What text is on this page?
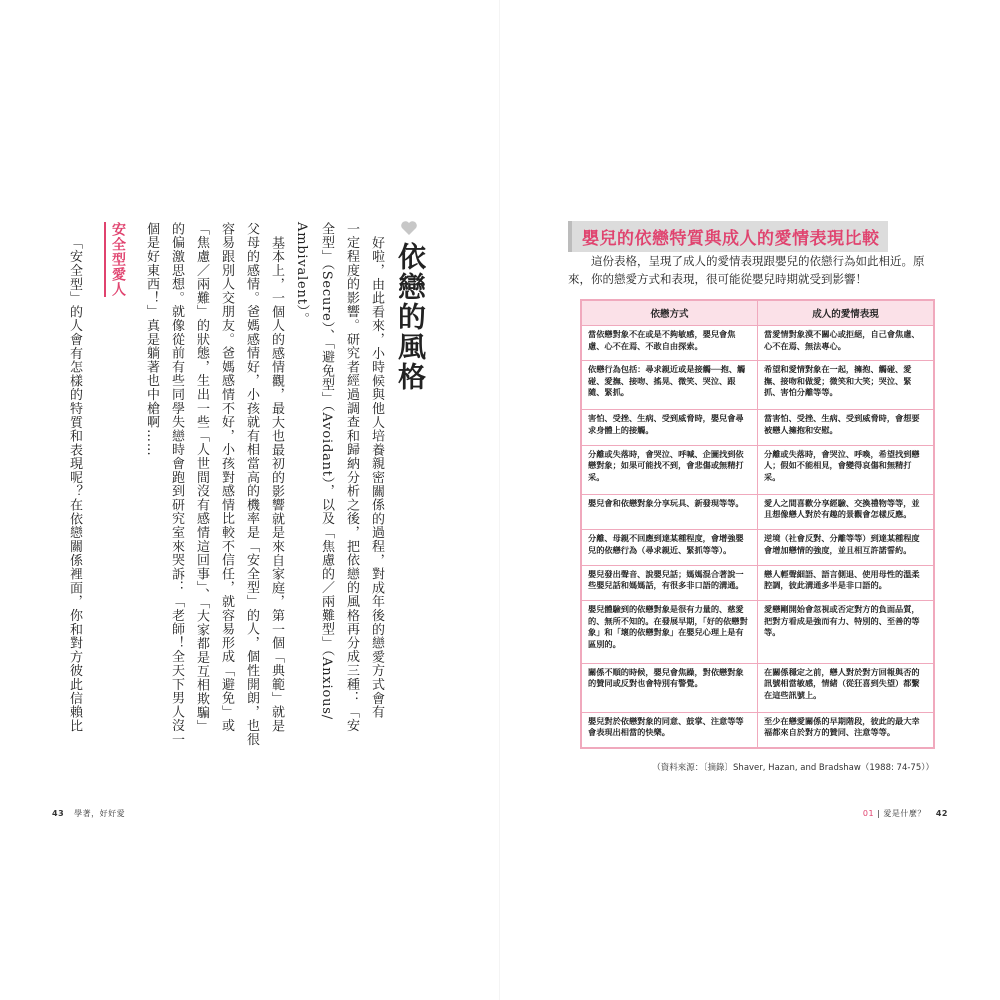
依戀的風格
好啦，由此看來，小時候與他人培養親密關係的過程，對成年後的戀愛方式會有
一定程度的影響。研究者經過調查和歸納分析之後，把依戀的風格再分成三種：「安
全型」（Secure）、「避免型」（Avoidant），以及「焦慮的／兩難型」（Anxious/
Ambivalent）。
基本上，一個人的感情觀，最大也最初的影響就是來自家庭，第一個「典範」就是
父母的感情。爸媽感情好，小孩就有相當高的機率是「安全型」的人，個性開朗，也很
容易跟別人交朋友。爸媽感情不好，小孩對感情比較不信任，就容易形成「避免」或
「焦慮／兩難」的狀態，生出一些「人世間沒有感情這回事」、「大家都是互相欺騙」
的偏激思想。就像從前有些同學失戀時會跑到研究室來哭訴：「老師！全天下男人沒一
個是好東西！」真是躺著也中槍啊……
安全型愛人
「安全型」的人會有怎樣的特質和表現呢？在依戀關係裡面，你和對方彼此信賴比
43 學著，好好愛
嬰兒的依戀特質與成人的愛情表現比較

這份表格，呈現了成人的愛情表現跟嬰兒的依戀行為如此相近。原來，你的戀愛方式和表現，很可能從嬰兒時期就受到影響！

依戀方式	成人的愛情表現
當依戀對象不在或是不夠敏感，嬰兒會焦慮、心不在焉、不敢自由探索。	當愛情對象漠不關心或拒絕，自己會焦慮、心不在焉、無法專心。
依戀行為包括：尋求親近或是接觸──抱、觸碰、愛撫、接吻、搖晃、微笑、哭泣、跟隨、緊抓。	希望和愛情對象在一起，擁抱、觸碰、愛撫、接吻和做愛；微笑和大笑；哭泣、緊抓、害怕分離等等。
害怕、受挫、生病、受到威脅時，嬰兒會尋求身體上的接觸。	當害怕、受挫、生病、受到威脅時，會想要被戀人擁抱和安慰。
分離或失落時，會哭泣、呼喊、企圖找到依戀對象；如果可能找不到，會悲傷或無精打采。	分離或失落時，會哭泣、呼喚，希望找到戀人；假如不能相見，會變得哀傷和無精打采。
嬰兒會和依戀對象分享玩具、新發現等等。	愛人之間喜歡分享經驗、交換禮物等等，並且想像戀人對於有趣的景觀會怎樣反應。
分離、母親不回應到達某種程度，會增強嬰兒的依戀行為（尋求親近、緊抓等等）。	逆境（社會反對、分離等等）到達某種程度會增加戀情的強度，並且相互許諾誓約。
嬰兒發出聲音、說嬰兒話；媽媽混合著說一些嬰兒話和媽媽話，有很多非口語的溝通。	戀人輕聲細語、語言側退、使用母性的溫柔腔調，彼此溝通多半是非口語的。
嬰兒體驗到的依戀對象是很有力量的、慈愛的、無所不知的。在發展早期，「好的依戀對象」和「壞的依戀對象」在嬰兒心理上是有區別的。	愛戀剛開始會忽視或否定對方的負面品質，把對方看成是強而有力、特別的、至善的等等。
關係不順的時候，嬰兒會焦躁，對依戀對象的贊同或反對也會特別有警覺。	在關係穩定之前，戀人對於對方回報與否的訊號相當敏感，情緒（從狂喜到失望）都繫在這些訊號上。
嬰兒對於依戀對象的同意、鼓掌、注意等等會表現出相當的快樂。	至少在戀愛關係的早期階段，彼此的最大幸福都來自於對方的贊同、注意等等。
（資料來源：〔摘錄〕Shaver, Hazan, and Bradshaw（1988: 74-75））
01 | 愛是什麼？ 42
